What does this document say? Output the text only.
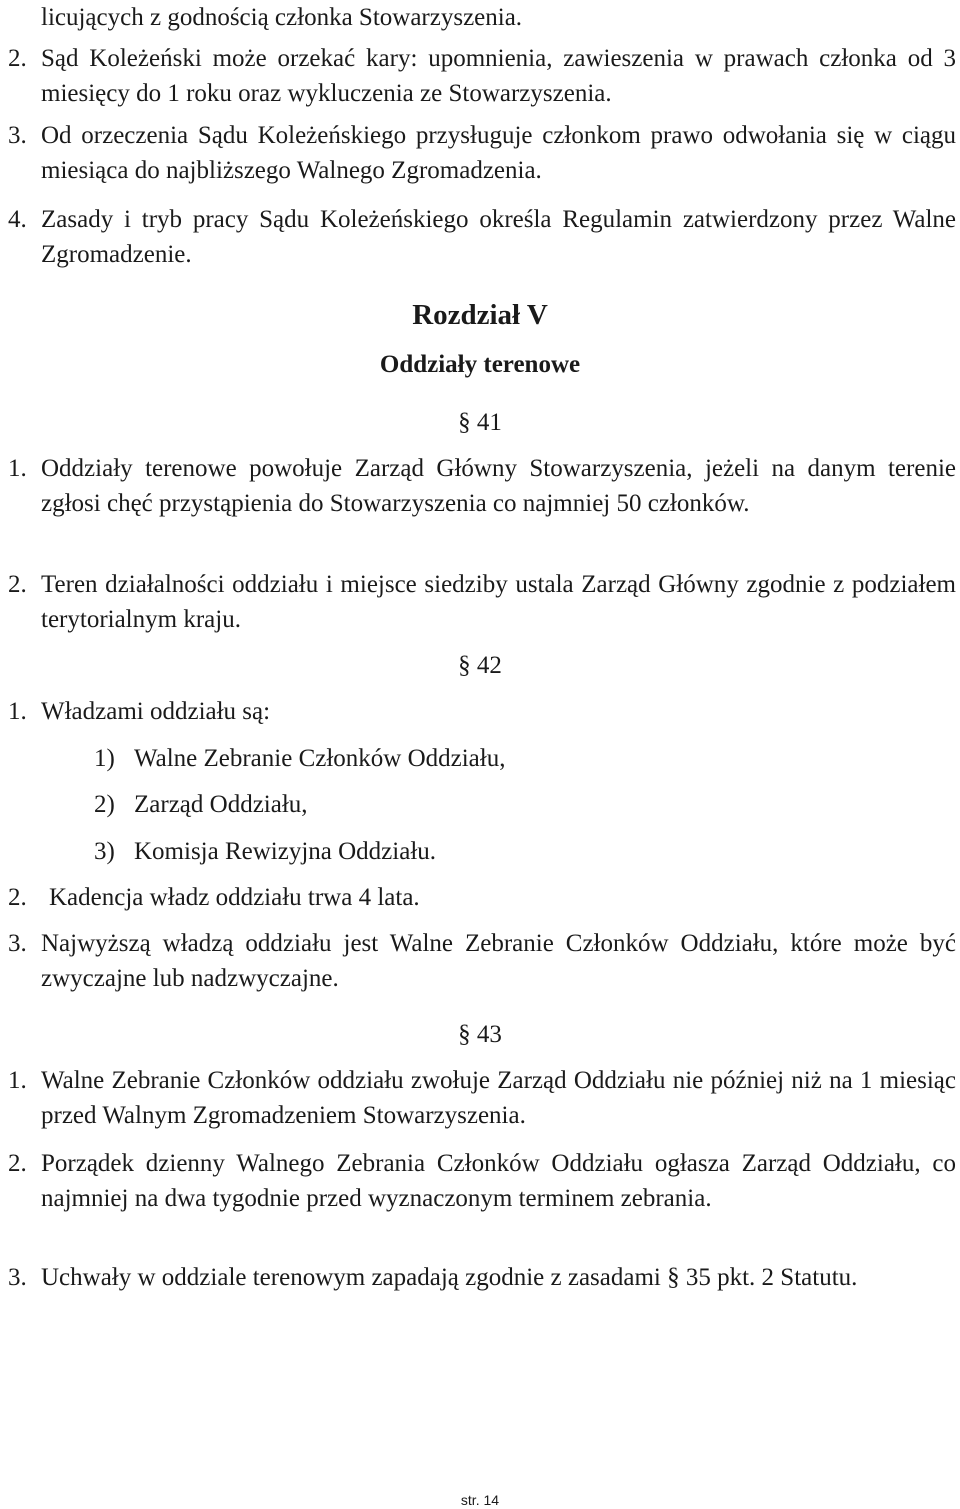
licujących z godnością członka Stowarzyszenia.
2. Sąd Koleżeński może orzekać kary: upomnienia, zawieszenia w prawach członka od 3 miesięcy do 1 roku oraz wykluczenia ze Stowarzyszenia.
3. Od orzeczenia Sądu Koleżeńskiego przysługuje członkom prawo odwołania się w ciągu miesiąca do najbliższego Walnego Zgromadzenia.
4. Zasady i tryb pracy Sądu Koleżeńskiego określa Regulamin zatwierdzony przez Walne Zgromadzenie.
Rozdział V
Oddziały terenowe
§ 41
1. Oddziały terenowe powołuje Zarząd Główny Stowarzyszenia, jeżeli na danym terenie zgłosi chęć przystąpienia do Stowarzyszenia co najmniej 50 członków.
2. Teren działalności oddziału i miejsce siedziby ustala Zarząd Główny zgodnie z podziałem terytorialnym kraju.
§ 42
1. Władzami oddziału są:
1) Walne Zebranie Członków Oddziału,
2) Zarząd Oddziału,
3) Komisja Rewizyjna Oddziału.
2. Kadencja władz oddziału trwa 4 lata.
3. Najwyższą władzą oddziału jest Walne Zebranie Członków Oddziału, które może być zwyczajne lub nadzwyczajne.
§ 43
1. Walne Zebranie Członków oddziału zwołuje Zarząd Oddziału nie później niż na 1 miesiąc przed Walnym Zgromadzeniem Stowarzyszenia.
2. Porządek dzienny Walnego Zebrania Członków Oddziału ogłasza Zarząd Oddziału, co najmniej na dwa tygodnie przed wyznaczonym terminem zebrania.
3. Uchwały w oddziale terenowym zapadają zgodnie z zasadami § 35 pkt. 2 Statutu.
str. 14
